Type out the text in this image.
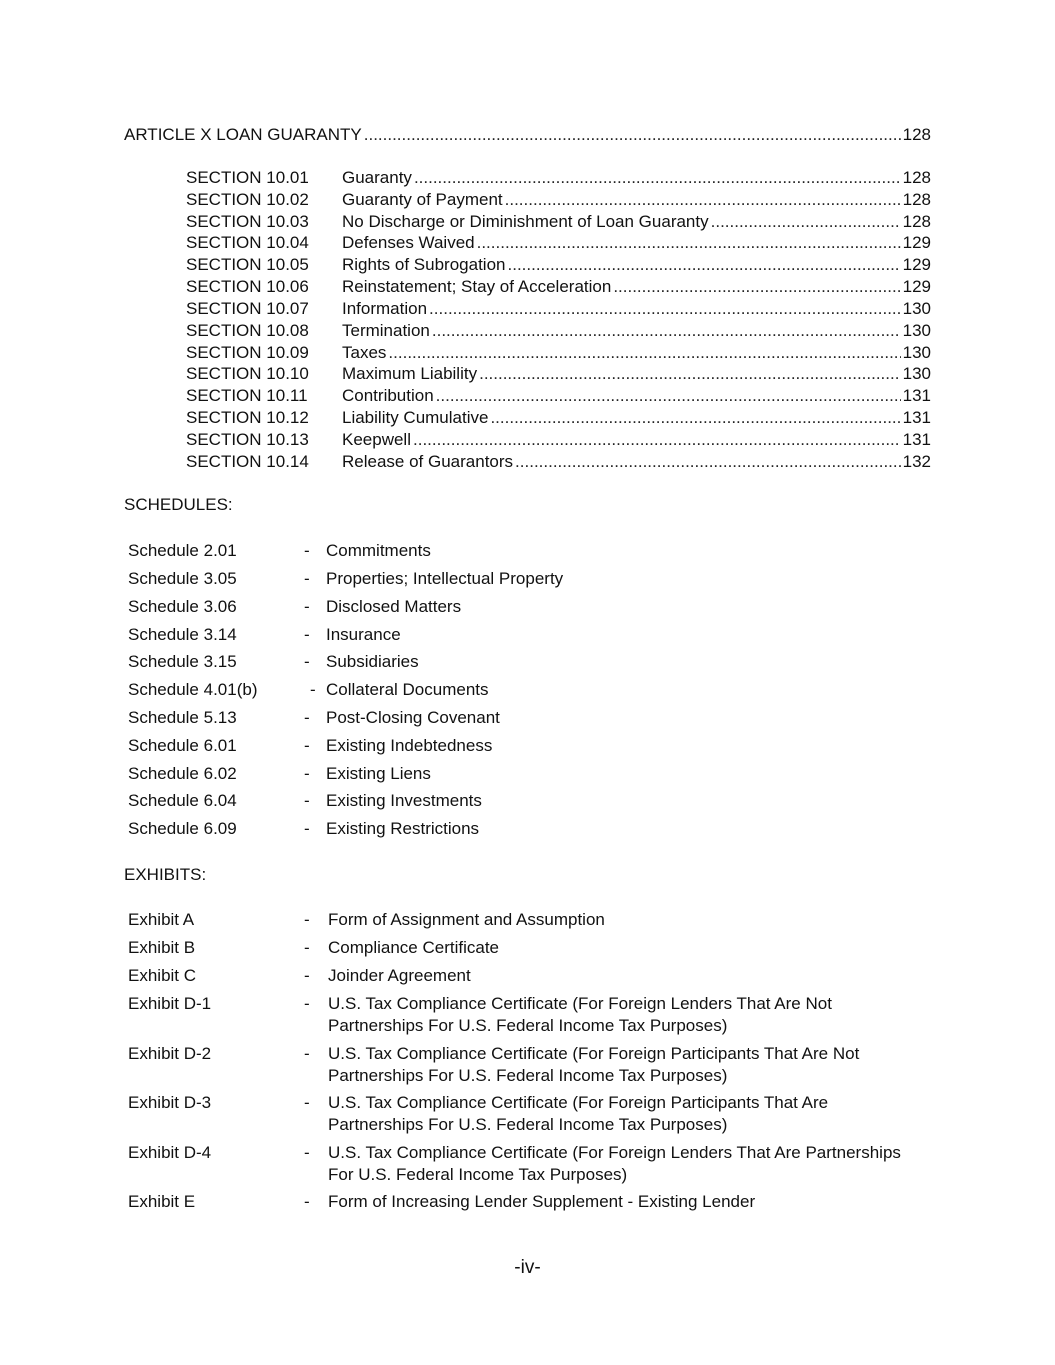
ARTICLE X LOAN GUARANTY .....	128
SECTION 10.01	Guaranty .....	128
SECTION 10.02	Guaranty of Payment .....	128
SECTION 10.03	No Discharge or Diminishment of Loan Guaranty .....	128
SECTION 10.04	Defenses Waived .....	129
SECTION 10.05	Rights of Subrogation .....	129
SECTION 10.06	Reinstatement; Stay of Acceleration .....	129
SECTION 10.07	Information .....	130
SECTION 10.08	Termination .....	130
SECTION 10.09	Taxes .....	130
SECTION 10.10	Maximum Liability .....	130
SECTION 10.11	Contribution .....	131
SECTION 10.12	Liability Cumulative .....	131
SECTION 10.13	Keepwell .....	131
SECTION 10.14	Release of Guarantors .....	132
SCHEDULES:
Schedule 2.01	- Commitments
Schedule 3.05	- Properties; Intellectual Property
Schedule 3.06	- Disclosed Matters
Schedule 3.14	- Insurance
Schedule 3.15	- Subsidiaries
Schedule 4.01(b)	- Collateral Documents
Schedule 5.13	- Post-Closing Covenant
Schedule 6.01	- Existing Indebtedness
Schedule 6.02	- Existing Liens
Schedule 6.04	- Existing Investments
Schedule 6.09	- Existing Restrictions
EXHIBITS:
Exhibit A	- Form of Assignment and Assumption
Exhibit B	- Compliance Certificate
Exhibit C	- Joinder Agreement
Exhibit D-1	- U.S. Tax Compliance Certificate (For Foreign Lenders That Are Not
Partnerships For U.S. Federal Income Tax Purposes)
Exhibit D-2	- U.S. Tax Compliance Certificate (For Foreign Participants That Are Not
Partnerships For U.S. Federal Income Tax Purposes)
Exhibit D-3	- U.S. Tax Compliance Certificate (For Foreign Participants That Are
Partnerships For U.S. Federal Income Tax Purposes)
Exhibit D-4	- U.S. Tax Compliance Certificate (For Foreign Lenders That Are Partnerships
For U.S. Federal Income Tax Purposes)
Exhibit E	- Form of Increasing Lender Supplement - Existing Lender
-iv-
